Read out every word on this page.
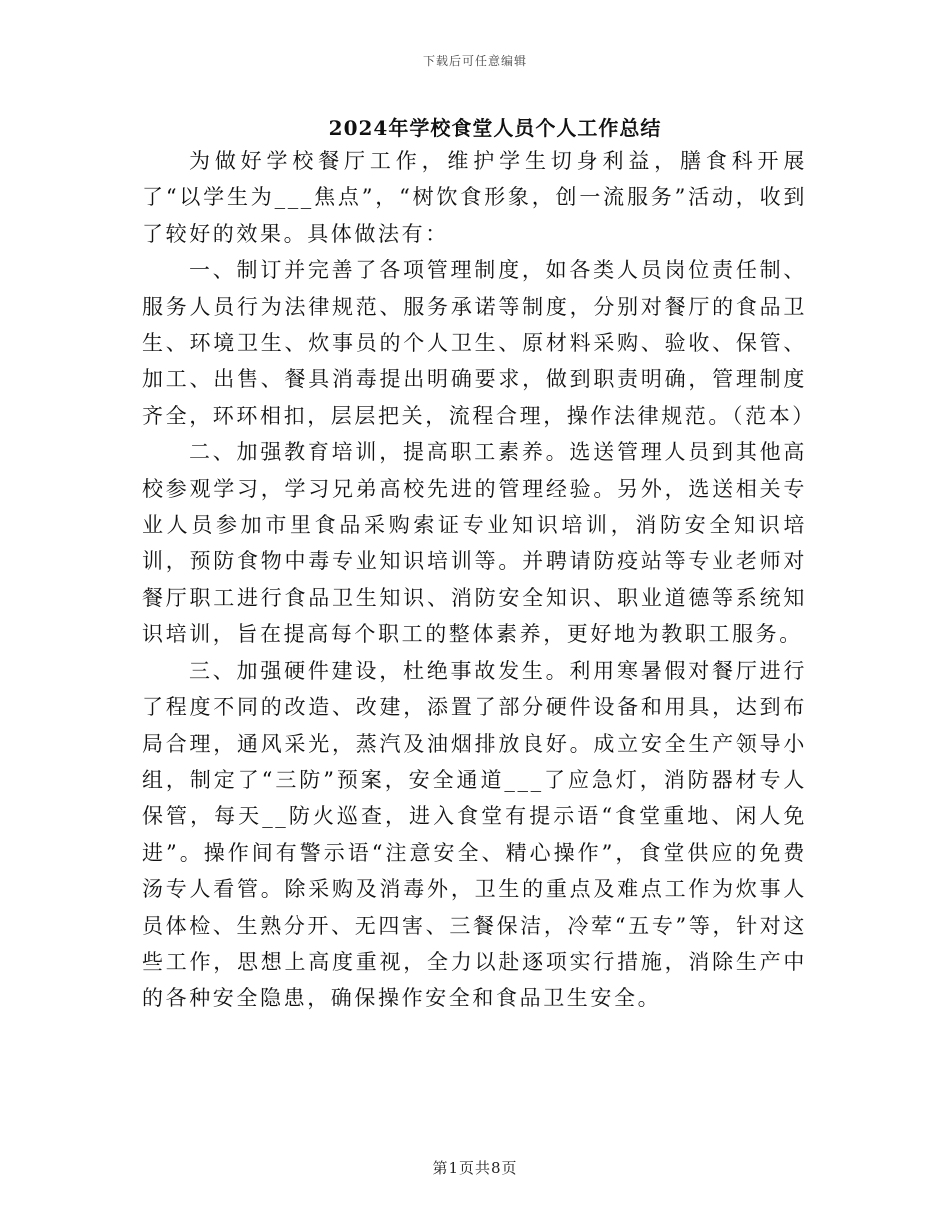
下载后可任意编辑
2024年学校食堂人员个人工作总结

为做好学校餐厅工作，维护学生切身利益，膳食科开展了“以学生为___焦点”，“树饮食形象，创一流服务”活动，收到了较好的效果。具体做法有：

一、制订并完善了各项管理制度，如各类人员岗位责任制、服务人员行为法律规范、服务承诺等制度，分别对餐厅的食品卫生、环境卫生、炊事员的个人卫生、原材料采购、验收、保管、加工、出售、餐具消毒提出明确要求，做到职责明确，管理制度齐全，环环相扣，层层把关，流程合理，操作法律规范。（范本）

二、加强教育培训，提高职工素养。选送管理人员到其他高校参观学习，学习兄弟高校先进的管理经验。另外，选送相关专业人员参加市里食品采购索证专业知识培训，消防安全知识培训，预防食物中毒专业知识培训等。并聘请防疫站等专业老师对餐厅职工进行食品卫生知识、消防安全知识、职业道德等系统知识培训，旨在提高每个职工的整体素养，更好地为教职工服务。

三、加强硬件建设，杜绝事故发生。利用寒暑假对餐厅进行了程度不同的改造、改建，添置了部分硬件设备和用具，达到布局合理，通风采光，蒸汽及油烟排放良好。成立安全生产领导小组，制定了“三防”预案，安全通道___了应急灯，消防器材专人保管，每天__防火巡查，进入食堂有提示语“食堂重地、闲人免进”。操作间有警示语“注意安全、精心操作”，食堂供应的免费汤专人看管。除采购及消毒外，卫生的重点及难点工作为炊事人员体检、生熟分开、无四害、三餐保洁，冷荤“五专”等，针对这些工作，思想上高度重视，全力以赴逐项实行措施，消除生产中的各种安全隐患，确保操作安全和食品卫生安全。

第1页共8页
